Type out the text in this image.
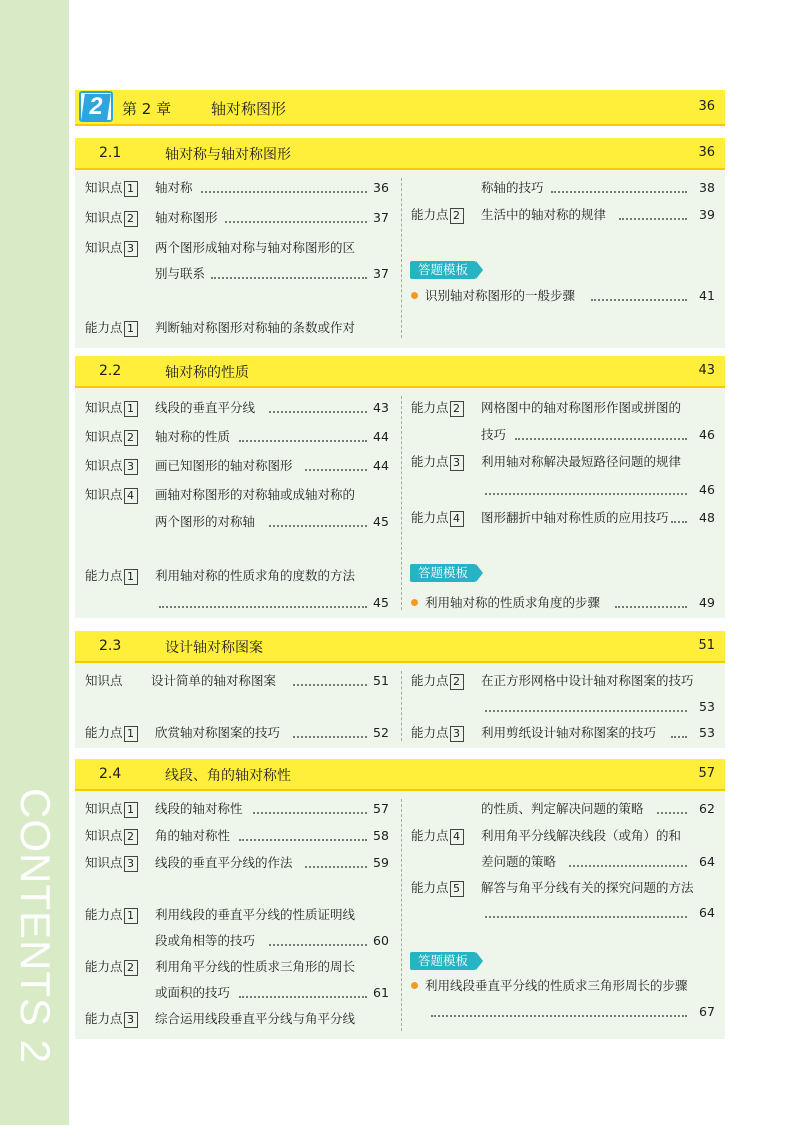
CONTENTS 2
2	第 2 章	轴对称图形	36
2.1	轴对称与轴对称图形	36
知识点 1 轴对称	36
知识点 2 轴对称图形	37
知识点 3 两个图形成轴对称与轴对称图形的区
别与联系	37
能力点 1 判断轴对称图形对称轴的条数或作对
称轴的技巧	38
能力点 2 生活中的轴对称的规律	39
答题模板
识别轴对称图形的一般步骤	41
2.2	轴对称的性质	43
知识点 1 线段的垂直平分线	43
知识点 2 轴对称的性质	44
知识点 3 画已知图形的轴对称图形	44
知识点 4 画轴对称图形的对称轴或成轴对称的
两个图形的对称轴	45
能力点 1 利用轴对称的性质求角的度数的方法
45
能力点 2 网格图中的轴对称图形作图或拼图的
技巧	46
能力点 3 利用轴对称解决最短路径问题的规律
46
能力点 4 图形翻折中轴对称性质的应用技巧 48
答题模板
利用轴对称的性质求角度的步骤	49
2.3	设计轴对称图案	51
知识点 设计简单的轴对称图案	51
能力点 1 欣赏轴对称图案的技巧	52
能力点 2 在正方形网格中设计轴对称图案的技巧
53
能力点 3 利用剪纸设计轴对称图案的技巧	53
2.4	线段、角的轴对称性	57
知识点 1 线段的轴对称性	57
知识点 2 角的轴对称性	58
知识点 3 线段的垂直平分线的作法	59
能力点 1 利用线段的垂直平分线的性质证明线
段或角相等的技巧	60
能力点 2 利用角平分线的性质求三角形的周长
或面积的技巧	61
能力点 3 综合运用线段垂直平分线与角平分线
的性质、判定解决问题的策略	62
能力点 4 利用角平分线解决线段（或角）的和
差问题的策略	64
能力点 5 解答与角平分线有关的探究问题的方法
64
答题模板
利用线段垂直平分线的性质求三角形周长的步骤
67
